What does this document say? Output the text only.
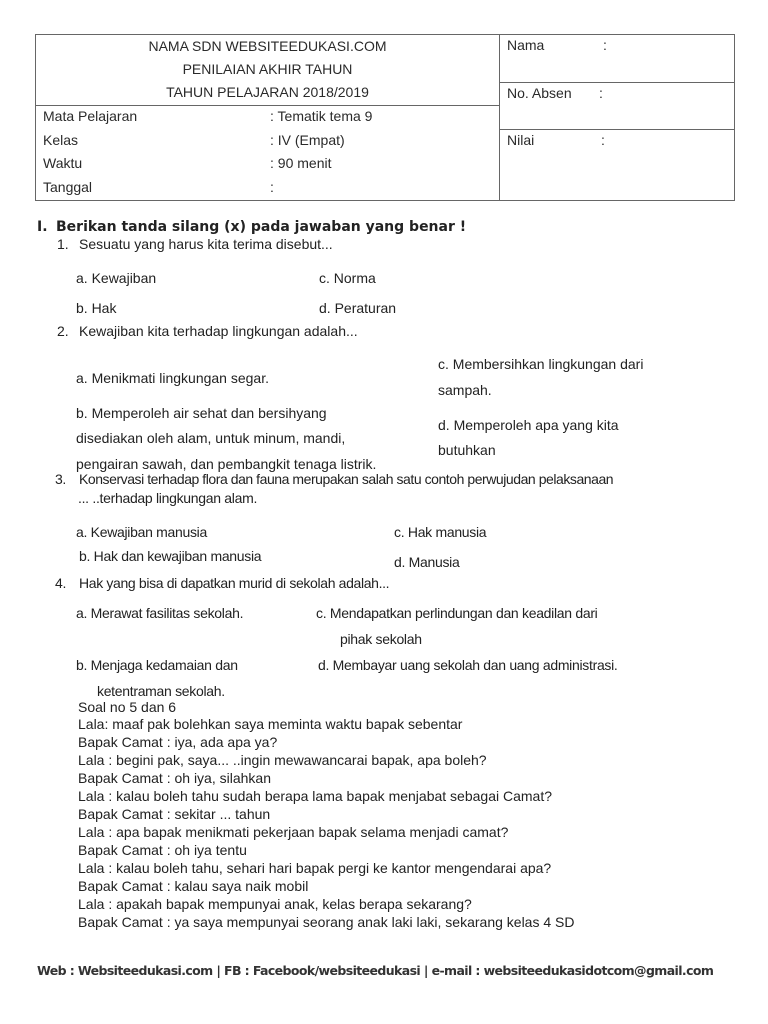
NAMA SDN WEBSITEEDUKASI.COM
PENILAIAN AKHIR TAHUN
TAHUN PELAJARAN 2018/2019
Mata Pelajaran	: Tematik tema 9
Kelas	: IV (Empat)
Waktu	: 90 menit
Tanggal	:
Nama	:
No. Absen :
Nilai	:
I. Berikan tanda silang (x) pada jawaban yang benar !
1. Sesuatu yang harus kita terima disebut...
a. Kewajiban	c. Norma
b. Hak	d. Peraturan
2. Kewajiban kita terhadap lingkungan adalah...
a. Menikmati lingkungan segar.
b. Memperoleh air sehat dan bersihyang
disediakan oleh alam, untuk minum, mandi,
pengairan sawah, dan pembangkit tenaga listrik.
c. Membersihkan lingkungan dari
sampah.
d. Memperoleh apa yang kita
butuhkan
3. Konservasi terhadap flora dan fauna merupakan salah satu contoh perwujudan pelaksanaan
... ..terhadap lingkungan alam.
a. Kewajiban manusia
b. Hak dan kewajiban manusia
c. Hak manusia
d. Manusia
4. Hak yang bisa di dapatkan murid di sekolah adalah...
a. Merawat fasilitas sekolah.	c. Mendapatkan perlindungan dan keadilan dari
pihak sekolah
b. Menjaga kedamaian dan
ketentraman sekolah.
d. Membayar uang sekolah dan uang administrasi.
Soal no 5 dan 6
Lala: maaf pak bolehkan saya meminta waktu bapak sebentar
Bapak Camat : iya, ada apa ya?
Lala : begini pak, saya... ..ingin mewawancarai bapak, apa boleh?
Bapak Camat : oh iya, silahkan
Lala : kalau boleh tahu sudah berapa lama bapak menjabat sebagai Camat?
Bapak Camat : sekitar ... tahun
Lala : apa bapak menikmati pekerjaan bapak selama menjadi camat?
Bapak Camat : oh iya tentu
Lala : kalau boleh tahu, sehari hari bapak pergi ke kantor mengendarai apa?
Bapak Camat : kalau saya naik mobil
Lala : apakah bapak mempunyai anak, kelas berapa sekarang?
Bapak Camat : ya saya mempunyai seorang anak laki laki, sekarang kelas 4 SD
Web : Websiteedukasi.com | FB : Facebook/websiteedukasi | e-mail : websiteedukasidotcom@gmail.com
